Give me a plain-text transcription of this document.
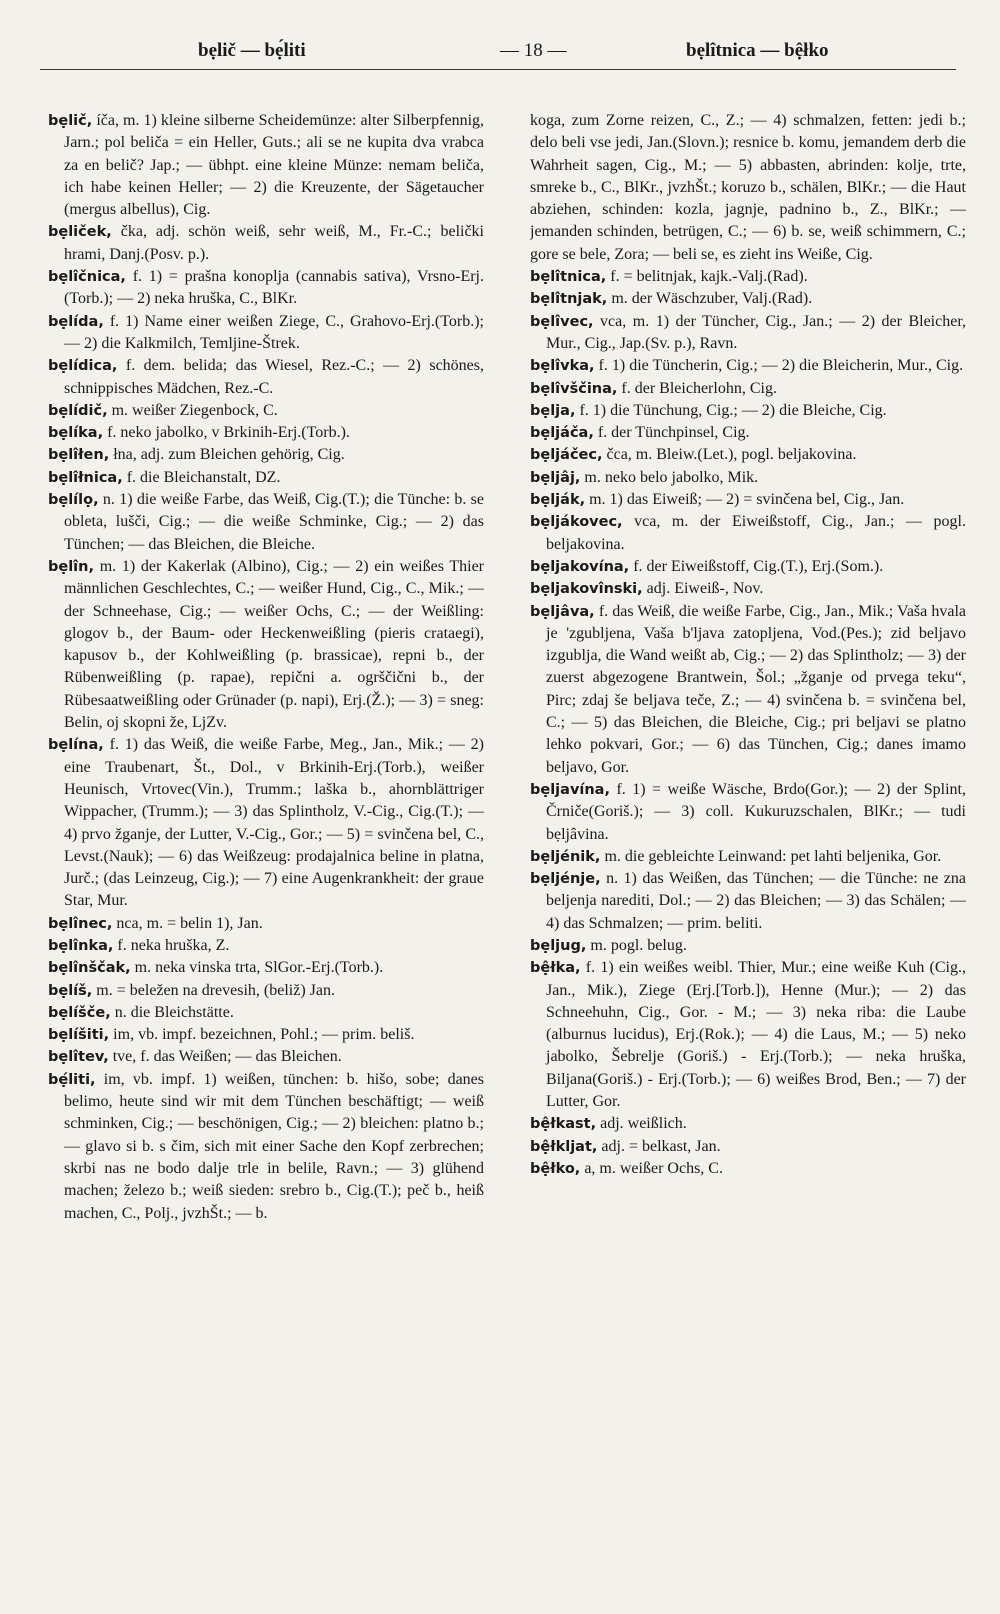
bẹlič — bẹ́liti	— 18 —	bẹlîtnica — bệłko

bẹlič, íča, m. 1) kleine silberne Scheidemünze: alter Silberpfennig, Jarn.; pol beliča = ein Heller, Guts.; ali se ne kupita dva vrabca za en belič? Jap.; — übhpt. eine kleine Münze: nemam beliča, ich habe keinen Heller; — 2) die Kreuzente, der Sägetaucher (mergus albellus), Cig.

bẹliček, čka, adj. schön weiß, sehr weiß, M., Fr.-C.; belički hrami, Danj.(Posv. p.).

bẹlîčnica, f. 1) = prašna konoplja (cannabis sativa), Vrsno-Erj.(Torb.); — 2) neka hruška, C., BlKr.

bẹlída, f. 1) Name einer weißen Ziege, C., Grahovo-Erj.(Torb.); — 2) die Kalkmilch, Temljine-Štrek.

bẹlídica, f. dem. belida; das Wiesel, Rez.-C.; — 2) schönes, schnippisches Mädchen, Rez.-C.

bẹlídič, m. weißer Ziegenbock, C.

bẹlíka, f. neko jabolko, v Brkinih-Erj.(Torb.).

bẹlîłen, łna, adj. zum Bleichen gehörig, Cig.

bẹlîłnica, f. die Bleichanstalt, DZ.

bẹlílọ, n. 1) die weiße Farbe, das Weiß, Cig.(T.); die Tünche: b. se obleta, lušči, Cig.; — die weiße Schminke, Cig.; — 2) das Tünchen; — das Bleichen, die Bleiche.

bẹlîn, m. 1) der Kakerlak (Albino), Cig.; — 2) ein weißes Thier männlichen Geschlechtes, C.; — weißer Hund, Cig., C., Mik.; — der Schneehase, Cig.; — weißer Ochs, C.; — der Weißling: glogov b., der Baum- oder Heckenweißling (pieris crataegi), kapusov b., der Kohlweißling (p. brassicae), repni b., der Rübenweißling (p. rapae), repični a. ogrščični b., der Rübesaatweißling oder Grünader (p. napi), Erj.(Ž.); — 3) = sneg: Belin, oj skopni že, LjZv.

bẹlína, f. 1) das Weiß, die weiße Farbe, Meg., Jan., Mik.; — 2) eine Traubenart, Št., Dol., v Brkinih-Erj.(Torb.), weißer Heunisch, Vrtovec(Vin.), Trumm.; laška b., ahornblättriger Wippacher, (Trumm.); — 3) das Splintholz, V.-Cig., Cig.(T.); — 4) prvo žganje, der Lutter, V.-Cig., Gor.; — 5) = svinčena bel, C., Levst.(Nauk); — 6) das Weißzeug: prodajalnica beline in platna, Jurč.; (das Leinzeug, Cig.); — 7) eine Augenkrankheit: der graue Star, Mur.

bẹlînec, nca, m. = belin 1), Jan.

bẹlînka, f. neka hruška, Z.

bẹlînščak, m. neka vinska trta, SlGor.-Erj.(Torb.).

bẹlíš, m. = beležen na drevesih, (beliž) Jan.

bẹlíšče, n. die Bleichstätte.

bẹlíšiti, im, vb. impf. bezeichnen, Pohl.; — prim. beliš.

bẹlîtev, tve, f. das Weißen; — das Bleichen.

bẹ́liti, im, vb. impf. 1) weißen, tünchen: b. hišo, sobe; danes belimo, heute sind wir mit dem Tünchen beschäftigt; — weiß schminken, Cig.; — beschönigen, Cig.; — 2) bleichen: platno b.; — glavo si b. s čim, sich mit einer Sache den Kopf zerbrechen; skrbi nas ne bodo dalje trle in belile, Ravn.; — 3) glühend machen; železo b.; weiß sieden: srebro b., Cig.(T.); peč b., heiß machen, C., Polj., jvzhŠt.; — b.

koga, zum Zorne reizen, C., Z.; — 4) schmalzen, fetten: jedi b.; delo beli vse jedi, Jan.(Slovn.); resnice b. komu, jemandem derb die Wahrheit sagen, Cig., M.; — 5) abbasten, abrinden: kolje, trte, smreke b., C., BlKr., jvzhŠt.; koruzo b., schälen, BlKr.; — die Haut abziehen, schinden: kozla, jagnje, padnino b., Z., BlKr.; — jemanden schinden, betrügen, C.; — 6) b. se, weiß schimmern, C.; gore se bele, Zora; — beli se, es zieht ins Weiße, Cig.

bẹlîtnica, f. = belitnjak, kajk.-Valj.(Rad).

bẹlîtnjak, m. der Wäschzuber, Valj.(Rad).

bẹlîvec, vca, m. 1) der Tüncher, Cig., Jan.; — 2) der Bleicher, Mur., Cig., Jap.(Sv. p.), Ravn.

bẹlîvka, f. 1) die Tüncherin, Cig.; — 2) die Bleicherin, Mur., Cig.

bẹlîvščina, f. der Bleicherlohn, Cig.

bẹlja, f. 1) die Tünchung, Cig.; — 2) die Bleiche, Cig.

bẹljáča, f. der Tünchpinsel, Cig.

bẹljáčec, čca, m. Bleiw.(Let.), pogl. beljakovina.

bẹljâj, m. neko belo jabolko, Mik.

bẹlják, m. 1) das Eiweiß; — 2) = svinčena bel, Cig., Jan.

bẹljákovec, vca, m. der Eiweißstoff, Cig., Jan.; — pogl. beljakovina.

bẹljakovína, f. der Eiweißstoff, Cig.(T.), Erj.(Som.).

bẹljakovînski, adj. Eiweiß-, Nov.

bẹljâva, f. das Weiß, die weiße Farbe, Cig., Jan., Mik.; Vaša hvala je 'zgubljena, Vaša b'ljava zatopljena, Vod.(Pes.); zid beljavo izgublja, die Wand weißt ab, Cig.; — 2) das Splintholz; — 3) der zuerst abgezogene Brantwein, Šol.; „žganje od prvega teku“, Pirc; zdaj še beljava teče, Z.; — 4) svinčena b. = svinčena bel, C.; — 5) das Bleichen, die Bleiche, Cig.; pri beljavi se platno lehko pokvari, Gor.; — 6) das Tünchen, Cig.; danes imamo beljavo, Gor.

bẹljavína, f. 1) = weiße Wäsche, Brdo(Gor.); — 2) der Splint, Črniče(Goriš.); — 3) coll. Kukuruzschalen, BlKr.; — tudi bẹljâvina.

bẹljénik, m. die gebleichte Leinwand: pet lahti beljenika, Gor.

bẹljénje, n. 1) das Weißen, das Tünchen; — die Tünche: ne zna beljenja narediti, Dol.; — 2) das Bleichen; — 3) das Schälen; — 4) das Schmalzen; — prim. beliti.

bẹljug, m. pogl. belug.

bệłka, f. 1) ein weißes weibl. Thier, Mur.; eine weiße Kuh (Cig., Jan., Mik.), Ziege (Erj.[Torb.]), Henne (Mur.); — 2) das Schneehuhn, Cig., Gor. - M.; — 3) neka riba: die Laube (alburnus lucidus), Erj.(Rok.); — 4) die Laus, M.; — 5) neko jabolko, Šebrelje (Goriš.) - Erj.(Torb.); — neka hruška, Biljana(Goriš.) - Erj.(Torb.); — 6) weißes Brod, Ben.; — 7) der Lutter, Gor.

bệłkast, adj. weißlich.

bệłkljat, adj. = belkast, Jan.

bệłko, a, m. weißer Ochs, C.
